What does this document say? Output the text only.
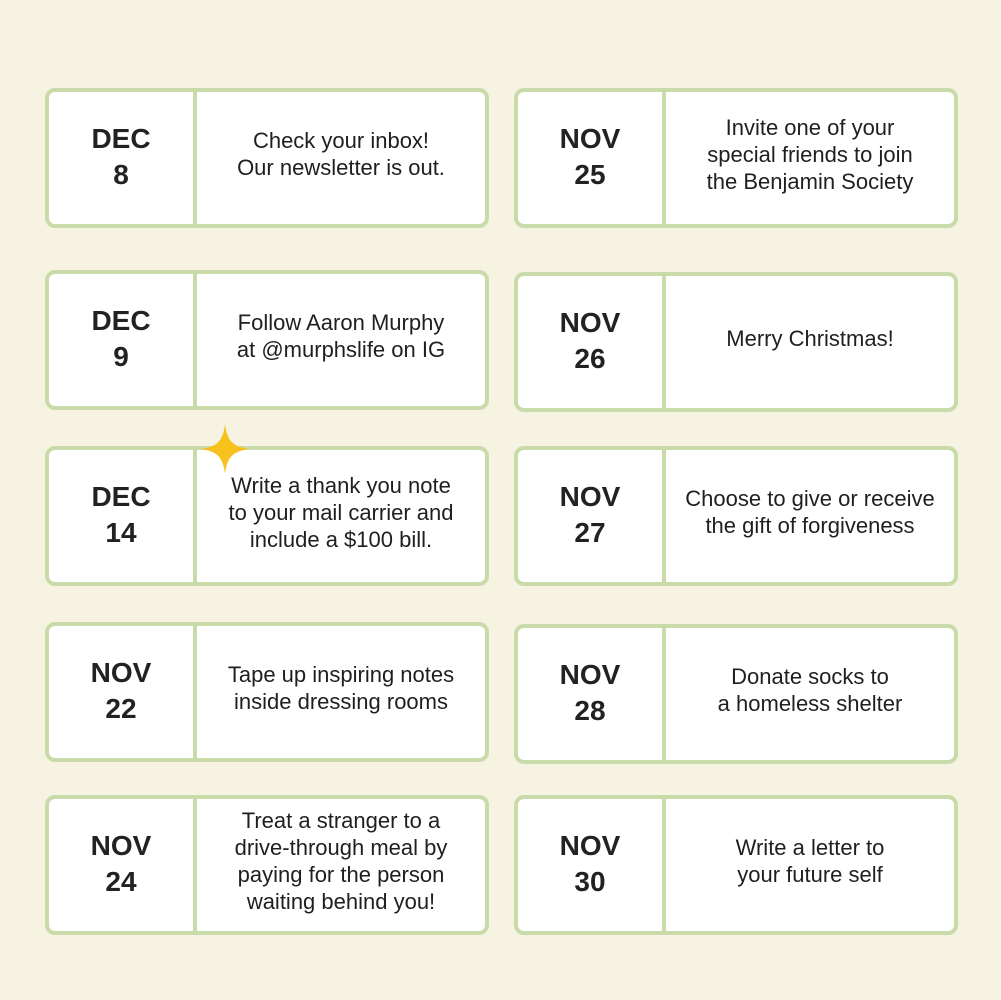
DEC
8
Check your inbox!
Our newsletter is out.
DEC
9
Follow Aaron Murphy
at @murphslife on IG
DEC
14
Write a thank you note
to your mail carrier and
include a $100 bill.
NOV
22
Tape up inspiring notes
inside dressing rooms
NOV
24
Treat a stranger to a
drive-through meal by
paying for the person
waiting behind you!
NOV
25
Invite one of your
special friends to join
the Benjamin Society
NOV
26
Merry Christmas!
NOV
27
Choose to give or receive
the gift of forgiveness
NOV
28
Donate socks to
a homeless shelter
NOV
30
Write a letter to
your future self
